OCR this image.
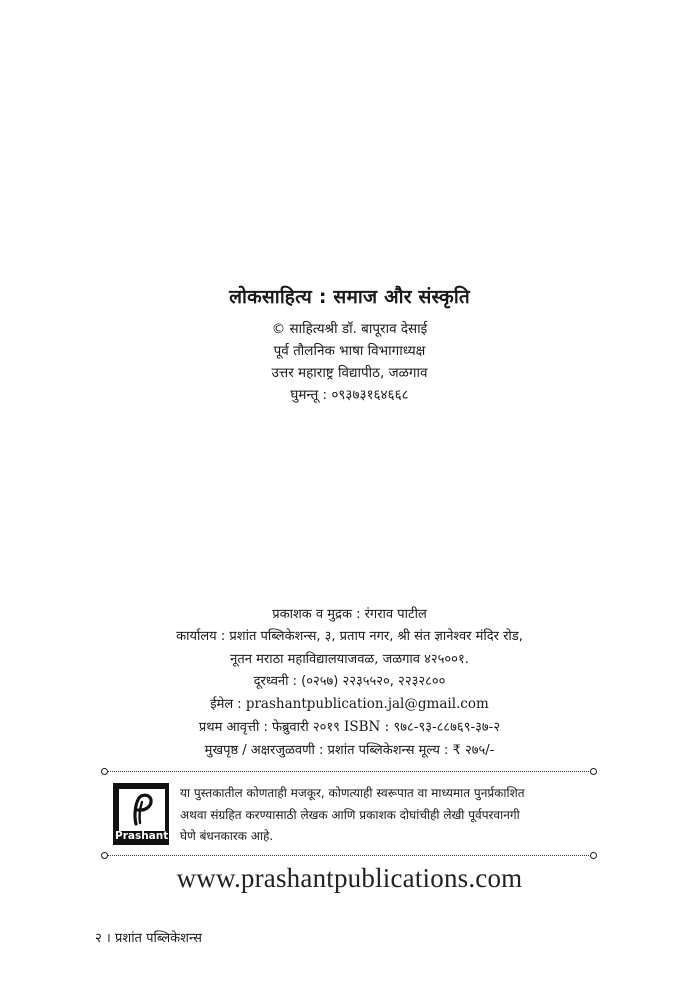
लोकसाहित्य : समाज और संस्कृति
© साहित्यश्री डॉ. बापूराव देसाई
पूर्व तौलनिक भाषा विभागाध्यक्ष
उत्तर महाराष्ट्र विद्यापीठ, जळगाव
घुमन्तू : ०९३७३१६४६६८
प्रकाशक व मुद्रक : रंगराव पाटील
कार्यालय : प्रशांत पब्लिकेशन्स, ३, प्रताप नगर, श्री संत ज्ञानेश्वर मंदिर रोड,
नूतन मराठा महाविद्यालयाजवळ, जळगाव ४२५००१.
दूरध्वनी : (०२५७) २२३५५२०, २२३२८००
ईमेल : prashantpublication.jal@gmail.com
प्रथम आवृत्ती : फेब्रुवारी २०१९ ISBN : ९७८-९३-८८७६९-३७-२
मुखपृष्ठ / अक्षरजुळवणी : प्रशांत पब्लिकेशन्स मूल्य : ₹ २७५/-
Prashant
या पुस्तकातील कोणताही मजकूर, कोणत्याही स्वरूपात वा माध्यमात पुनर्प्रकाशित
अथवा संग्रहित करण्यासाठी लेखक आणि प्रकाशक दोघांचीही लेखी पूर्वपरवानगी
घेणे बंधनकारक आहे.
www.prashantpublications.com
२ । प्रशांत पब्लिकेशन्स
